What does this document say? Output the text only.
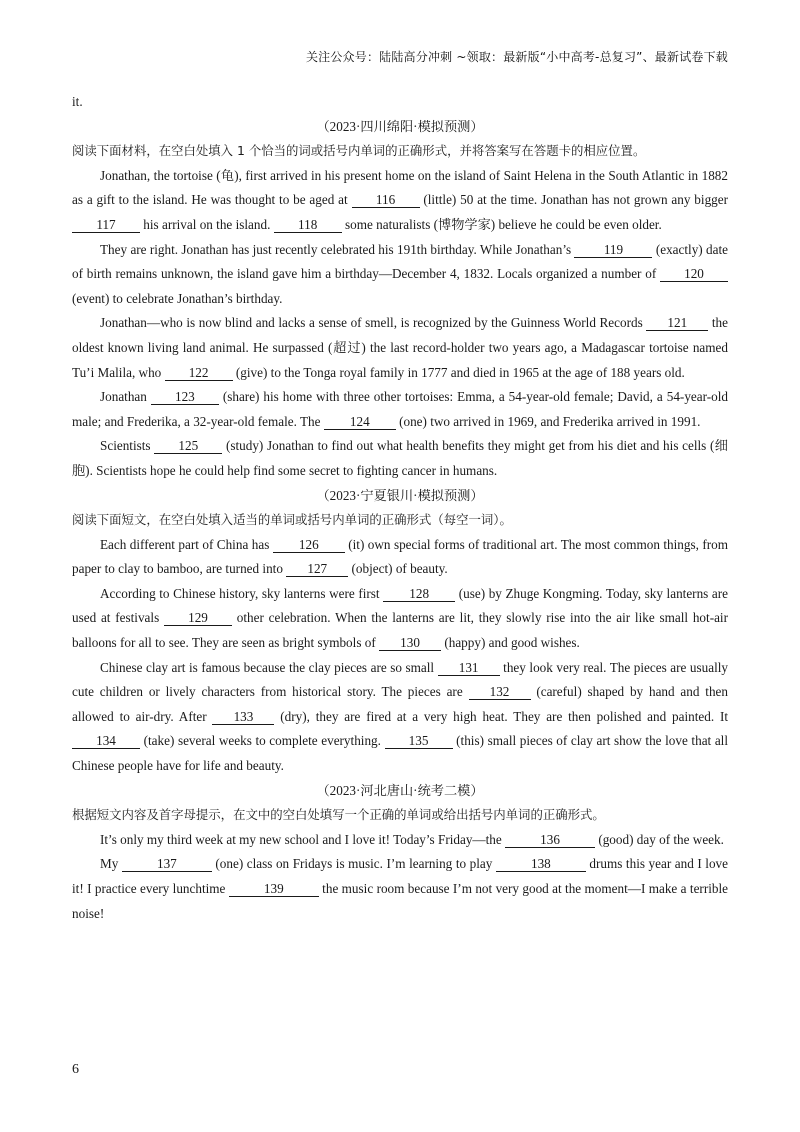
关注公众号：陆陆高分冲刺 ~领取：最新版“小中高考-总复习”、最新试卷下载

it.

（2023·四川绵阳·模拟预测）

阅读下面材料，在空白处填入 1 个恰当的词或括号内单词的正确形式，并将答案写在答题卡的相应位置。

Jonathan, the tortoise (龟), first arrived in his present home on the island of Saint Helena in the South Atlantic in 1882 as a gift to the island. He was thought to be aged at 116 (little) 50 at the time. Jonathan has not grown any bigger 117 his arrival on the island. 118 some naturalists (博物学家) believe he could be even older.

They are right. Jonathan has just recently celebrated his 191th birthday. While Jonathan’s 119 (exactly) date of birth remains unknown, the island gave him a birthday—December 4, 1832. Locals organized a number of 120 (event) to celebrate Jonathan’s birthday.

Jonathan—who is now blind and lacks a sense of smell, is recognized by the Guinness World Records 121 the oldest known living land animal. He surpassed (超过) the last record-holder two years ago, a Madagascar tortoise named Tu’i Malila, who 122 (give) to the Tonga royal family in 1777 and died in 1965 at the age of 188 years old.

Jonathan 123 (share) his home with three other tortoises: Emma, a 54-year-old female; David, a 54-year-old male; and Frederika, a 32-year-old female. The 124 (one) two arrived in 1969, and Frederika arrived in 1991.

Scientists 125 (study) Jonathan to find out what health benefits they might get from his diet and his cells (细胞). Scientists hope he could help find some secret to fighting cancer in humans.

（2023·宁夏银川·模拟预测）

阅读下面短文，在空白处填入适当的单词或括号内单词的正确形式（每空一词）。

Each different part of China has 126 (it) own special forms of traditional art. The most common things, from paper to clay to bamboo, are turned into 127 (object) of beauty.

According to Chinese history, sky lanterns were first 128 (use) by Zhuge Kongming. Today, sky lanterns are used at festivals 129 other celebration. When the lanterns are lit, they slowly rise into the air like small hot-air balloons for all to see. They are seen as bright symbols of 130 (happy) and good wishes.

Chinese clay art is famous because the clay pieces are so small 131 they look very real. The pieces are usually cute children or lively characters from historical story. The pieces are 132 (careful) shaped by hand and then allowed to air-dry. After 133 (dry), they are fired at a very high heat. They are then polished and painted. It 134 (take) several weeks to complete everything. 135 (this) small pieces of clay art show the love that all Chinese people have for life and beauty.

（2023·河北唐山·统考二模）

根据短文内容及首字母提示，在文中的空白处填写一个正确的单词或给出括号内单词的正确形式。

It’s only my third week at my new school and I love it! Today’s Friday—the	136	(good) day of the week.

My	137	(one) class on Fridays is music. I’m learning to play	138	drums this year and I love it! I practice every lunchtime	139	the music room because I’m not very good at the moment—I make a terrible noise!

6
